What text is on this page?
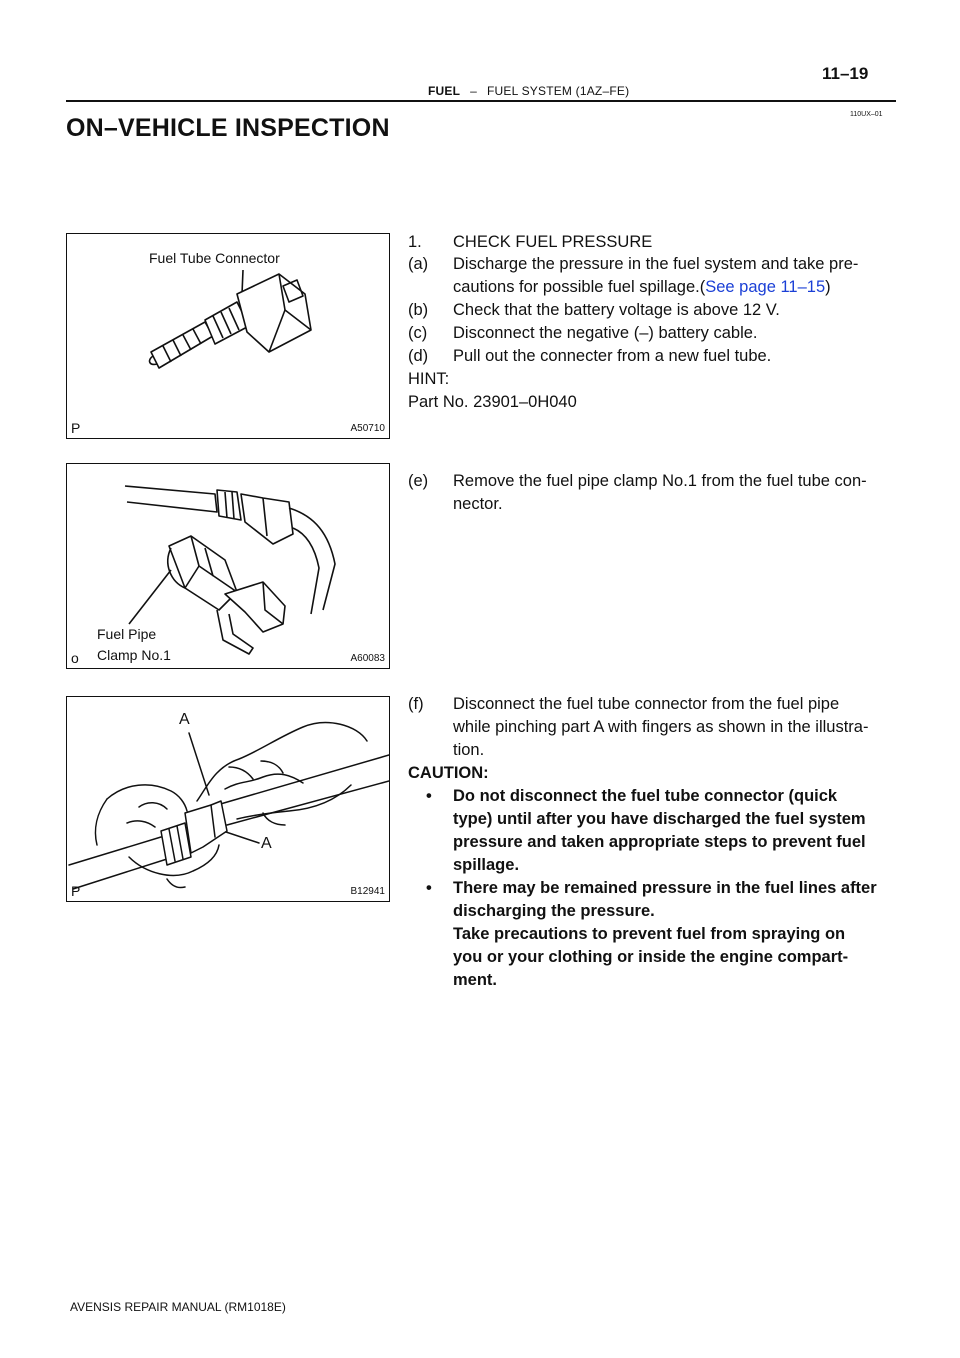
FUEL – FUEL SYSTEM (1AZ–FE)
11–19
110UX–01
ON–VEHICLE INSPECTION
Fuel Tube Connector
P	A50710
Fuel Pipe
Clamp No.1
o	A60083
A
A
P	B12941
1. CHECK FUEL PRESSURE
(a) Discharge the pressure in the fuel system and take pre-
cautions for possible fuel spillage.(See page 11–15)
(b) Check that the battery voltage is above 12 V.
(c) Disconnect the negative (–) battery cable.
(d) Pull out the connecter from a new fuel tube.
HINT:
Part No. 23901–0H040
(e) Remove the fuel pipe clamp No.1 from the fuel tube con-
nector.
(f) Disconnect the fuel tube connector from the fuel pipe
while pinching part A with fingers as shown in the illustra-
tion.
CAUTION:
• Do not disconnect the fuel tube connector (quick
type) until after you have discharged the fuel system
pressure and taken appropriate steps to prevent fuel
spillage.
• There may be remained pressure in the fuel lines after
discharging the pressure.
Take precautions to prevent fuel from spraying on
you or your clothing or inside the engine compart-
ment.
AVENSIS REPAIR MANUAL (RM1018E)
